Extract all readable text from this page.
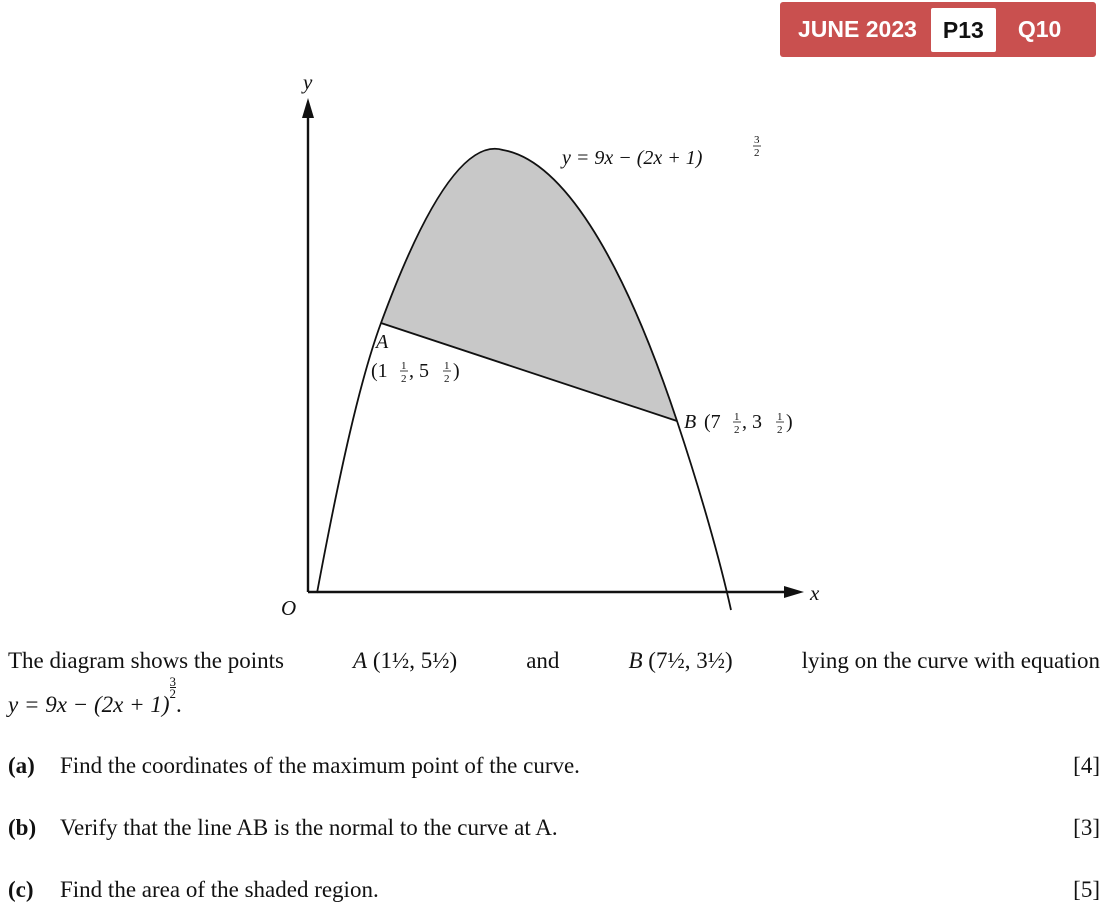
JUNE 2023	P13	Q10
y
x
O
y = 9x − (2x + 1)
3
2
A
(1 1
2 , 5 1
2 )
B (7 1
2 , 3 1
2 )
The diagram shows the points	A (1½, 5½)	and	B (7½, 3½)	lying on the curve with equation
y = 9x − (2x + 1)
$\frac{3}{2}$.
(a) Find the coordinates of the maximum point of the curve.	[4]
(b) Verify that the line AB is the normal to the curve at A.	[3]
(c) Find the area of the shaded region.	[5]
